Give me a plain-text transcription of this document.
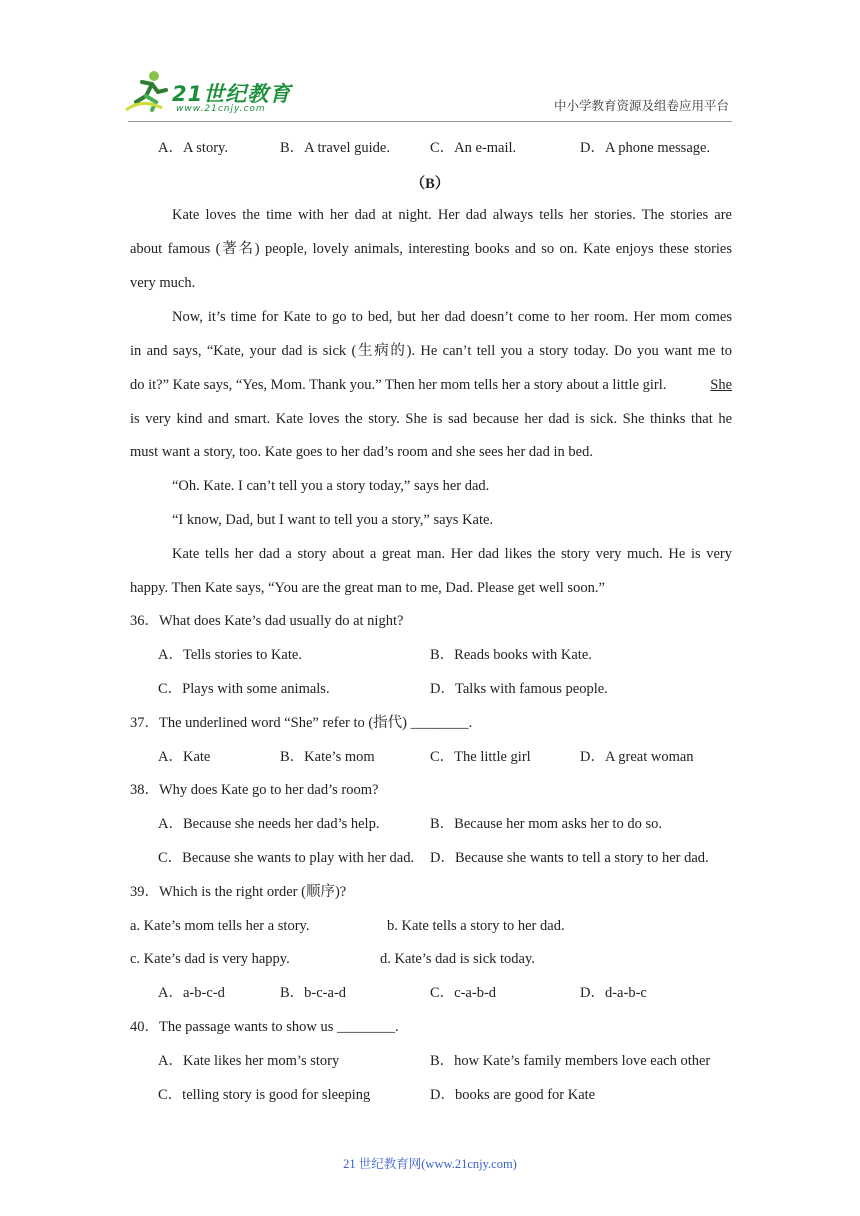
21世纪教育
www.21cnjy.com	中小学教育资源及组卷应用平台
A．A story.	B．A travel guide.	C．An e-mail.	D．A phone message.
（B）
Kate loves the time with her dad at night. Her dad always tells her stories. The stories are
about famous (著名) people, lovely animals, interesting books and so on. Kate enjoys these stories
very much.
Now, it’s time for Kate to go to bed, but her dad doesn’t come to her room. Her mom comes
in and says, “Kate, your dad is sick (生病的). He can’t tell you a story today. Do you want me to
do it?” Kate says, “Yes, Mom. Thank you.” Then her mom tells her a story about a little girl.	She
is very kind and smart. Kate loves the story. She is sad because her dad is sick. She thinks that he
must want a story, too. Kate goes to her dad’s room and she sees her dad in bed.
“Oh. Kate. I can’t tell you a story today,” says her dad.
“I know, Dad, but I want to tell you a story,” says Kate.
Kate tells her dad a story about a great man. Her dad likes the story very much. He is very
happy. Then Kate says, “You are the great man to me, Dad. Please get well soon.”
36．What does Kate’s dad usually do at night?
A．Tells stories to Kate.	B．Reads books with Kate.
C．Plays with some animals.	D．Talks with famous people.
37．The underlined word “She” refer to (指代) ________.
A．Kate	B．Kate’s mom	C．The little girl	D．A great woman
38．Why does Kate go to her dad’s room?
A．Because she needs her dad’s help.	B．Because her mom asks her to do so.
C．Because she wants to play with her dad. D．Because she wants to tell a story to her dad.
39．Which is the right order (顺序)?
a. Kate’s mom tells her a story.	b. Kate tells a story to her dad.
c. Kate’s dad is very happy.	d. Kate’s dad is sick today.
A．a-b-c-d	B．b-c-a-d	C．c-a-b-d	D．d-a-b-c
40．The passage wants to show us ________.
A．Kate likes her mom’s story	B．how Kate’s family members love each other
C．telling story is good for sleeping	D．books are good for Kate
21 世纪教育网(www.21cnjy.com)
